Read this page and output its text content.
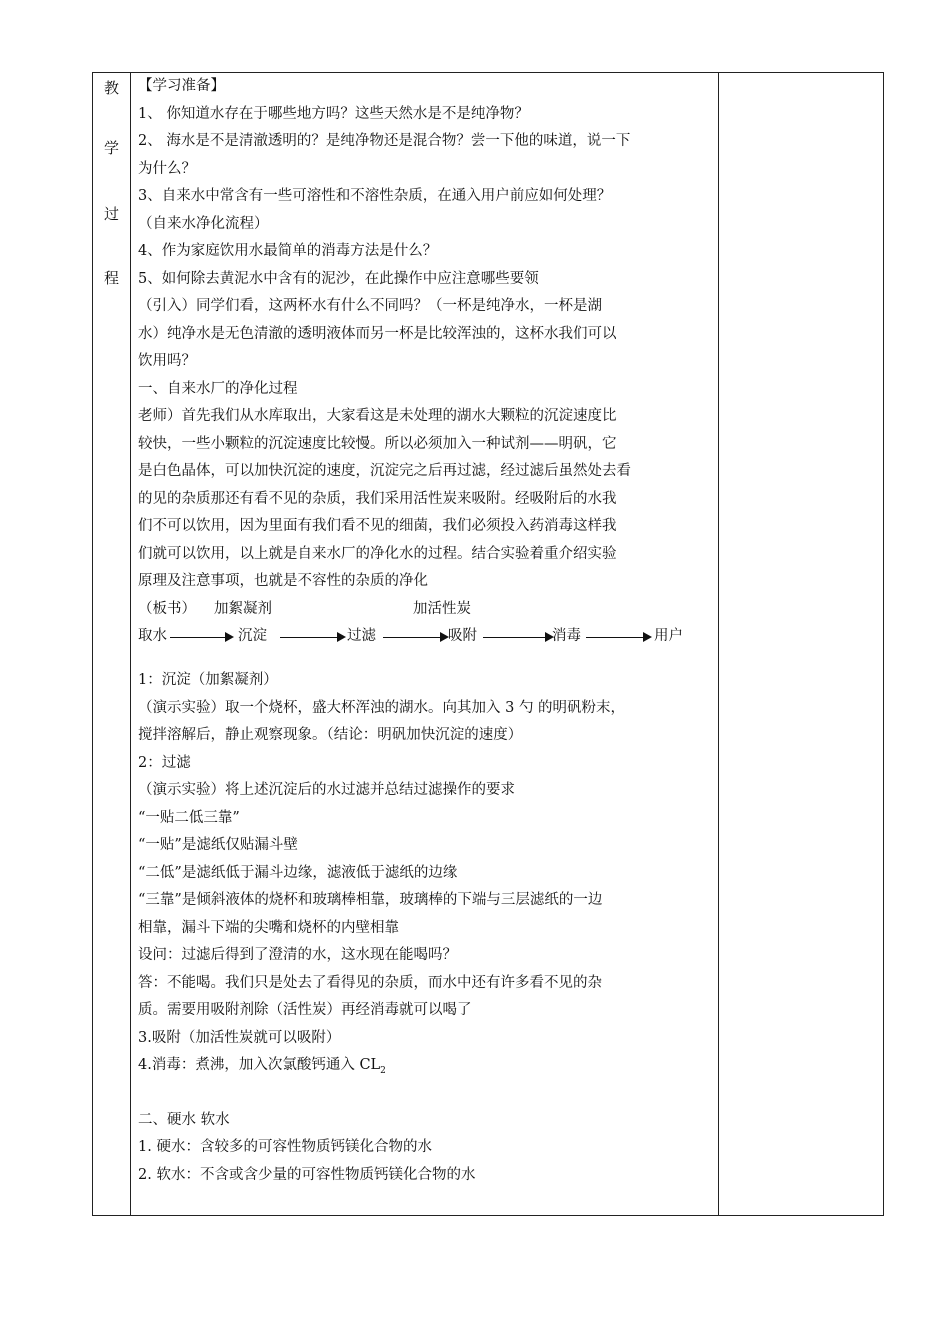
教
学
过
程
【学习准备】
1、 你知道水存在于哪些地方吗？这些天然水是不是纯净物？
2、 海水是不是清澈透明的？是纯净物还是混合物？尝一下他的味道，说一下
为什么？
3、自来水中常含有一些可溶性和不溶性杂质，在通入用户前应如何处理？
（自来水净化流程）
4、作为家庭饮用水最简单的消毒方法是什么？
5、如何除去黄泥水中含有的泥沙，在此操作中应注意哪些要领
（引入）同学们看，这两杯水有什么不同吗？（一杯是纯净水，一杯是湖
水）纯净水是无色清澈的透明液体而另一杯是比较浑浊的，这杯水我们可以
饮用吗？
一、自来水厂的净化过程
老师）首先我们从水库取出，大家看这是未处理的湖水大颗粒的沉淀速度比
较快，一些小颗粒的沉淀速度比较慢。所以必须加入一种试剂——明矾，它
是白色晶体，可以加快沉淀的速度，沉淀完之后再过滤，经过滤后虽然处去看
的见的杂质那还有看不见的杂质，我们采用活性炭来吸附。经吸附后的水我
们不可以饮用，因为里面有我们看不见的细菌，我们必须投入药消毒这样我
们就可以饮用，以上就是自来水厂的净化水的过程。结合实验着重介绍实验
原理及注意事项，也就是不容性的杂质的净化
（板书） 加絮凝剂	加活性炭
取水	沉淀	过滤	吸附	消毒	用户
1：沉淀（加絮凝剂）
（演示实验）取一个烧杯，盛大杯浑浊的湖水。向其加入 3 勺 的明矾粉末，
搅拌溶解后，静止观察现象。（结论：明矾加快沉淀的速度）
2：过滤
（演示实验）将上述沉淀后的水过滤并总结过滤操作的要求
“一贴二低三靠”
“一贴”是滤纸仅贴漏斗壁
“二低”是滤纸低于漏斗边缘，滤液低于滤纸的边缘
“三靠”是倾斜液体的烧杯和玻璃棒相靠，玻璃棒的下端与三层滤纸的一边
相靠，漏斗下端的尖嘴和烧杯的内壁相靠
设问：过滤后得到了澄清的水，这水现在能喝吗？
答：不能喝。我们只是处去了看得见的杂质，而水中还有许多看不见的杂
质。需要用吸附剂除（活性炭）再经消毒就可以喝了
3.吸附（加活性炭就可以吸附）
4.消毒：煮沸，加入次氯酸钙通入 $CL_2$
二、硬水 软水
1. 硬水：含较多的可容性物质钙镁化合物的水
2. 软水：不含或含少量的可容性物质钙镁化合物的水
